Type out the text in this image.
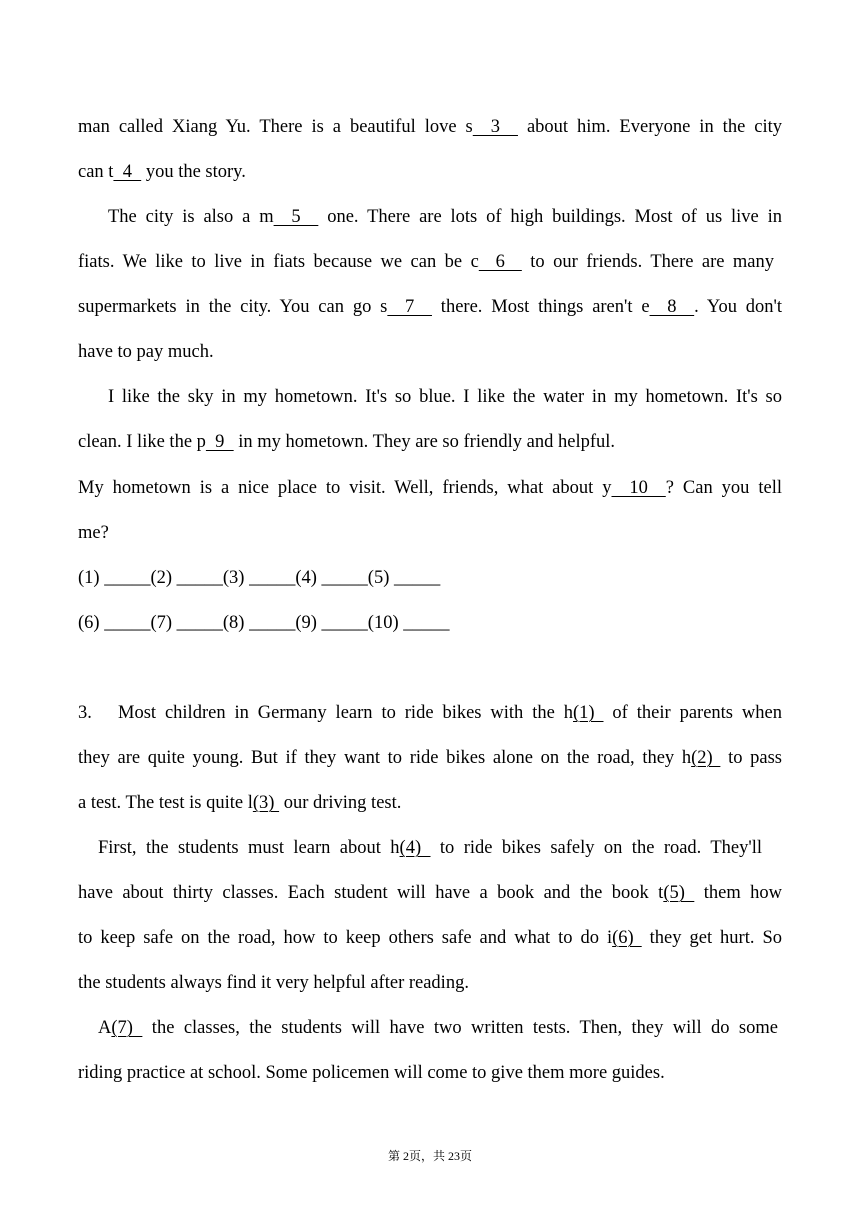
man called Xiang Yu. There is a beautiful love s  3   about him. Everyone in the city
can t  4   you the story.
The city is also a m  5   one. There are lots of high buildings. Most of us live in
fiats. We like to live in fiats because we can be c  6   to our friends. There are many
supermarkets in the city. You can go s  7   there. Most things aren't e  8  . You don't
have to pay much.
I like the sky in my hometown. It's so blue. I like the water in my hometown. It's so
clean. I like the p  9   in my hometown. They are so friendly and helpful.
My hometown is a nice place to visit. Well, friends, what about y  10  ? Can you tell
me?
(1) _____(2) _____(3) _____(4) _____(5) _____
(6) _____(7) _____(8) _____(9) _____(10) _____
3.	Most children in Germany learn to ride bikes with the h(1)  of their parents when
they are quite young. But if they want to ride bikes alone on the road, they h(2)  to pass
a test. The test is quite l(3)  our driving test.
First, the students must learn about h(4)  to ride bikes safely on the road. They'll
have about thirty classes. Each student will have a book and the book t(5)  them how
to keep safe on the road, how to keep others safe and what to do i(6)  they get hurt. So
the students always find it very helpful after reading.
A(7)  the classes, the students will have two written tests. Then, they will do some
riding practice at school. Some policemen will come to give them more guides.
第 2页，共 23页
